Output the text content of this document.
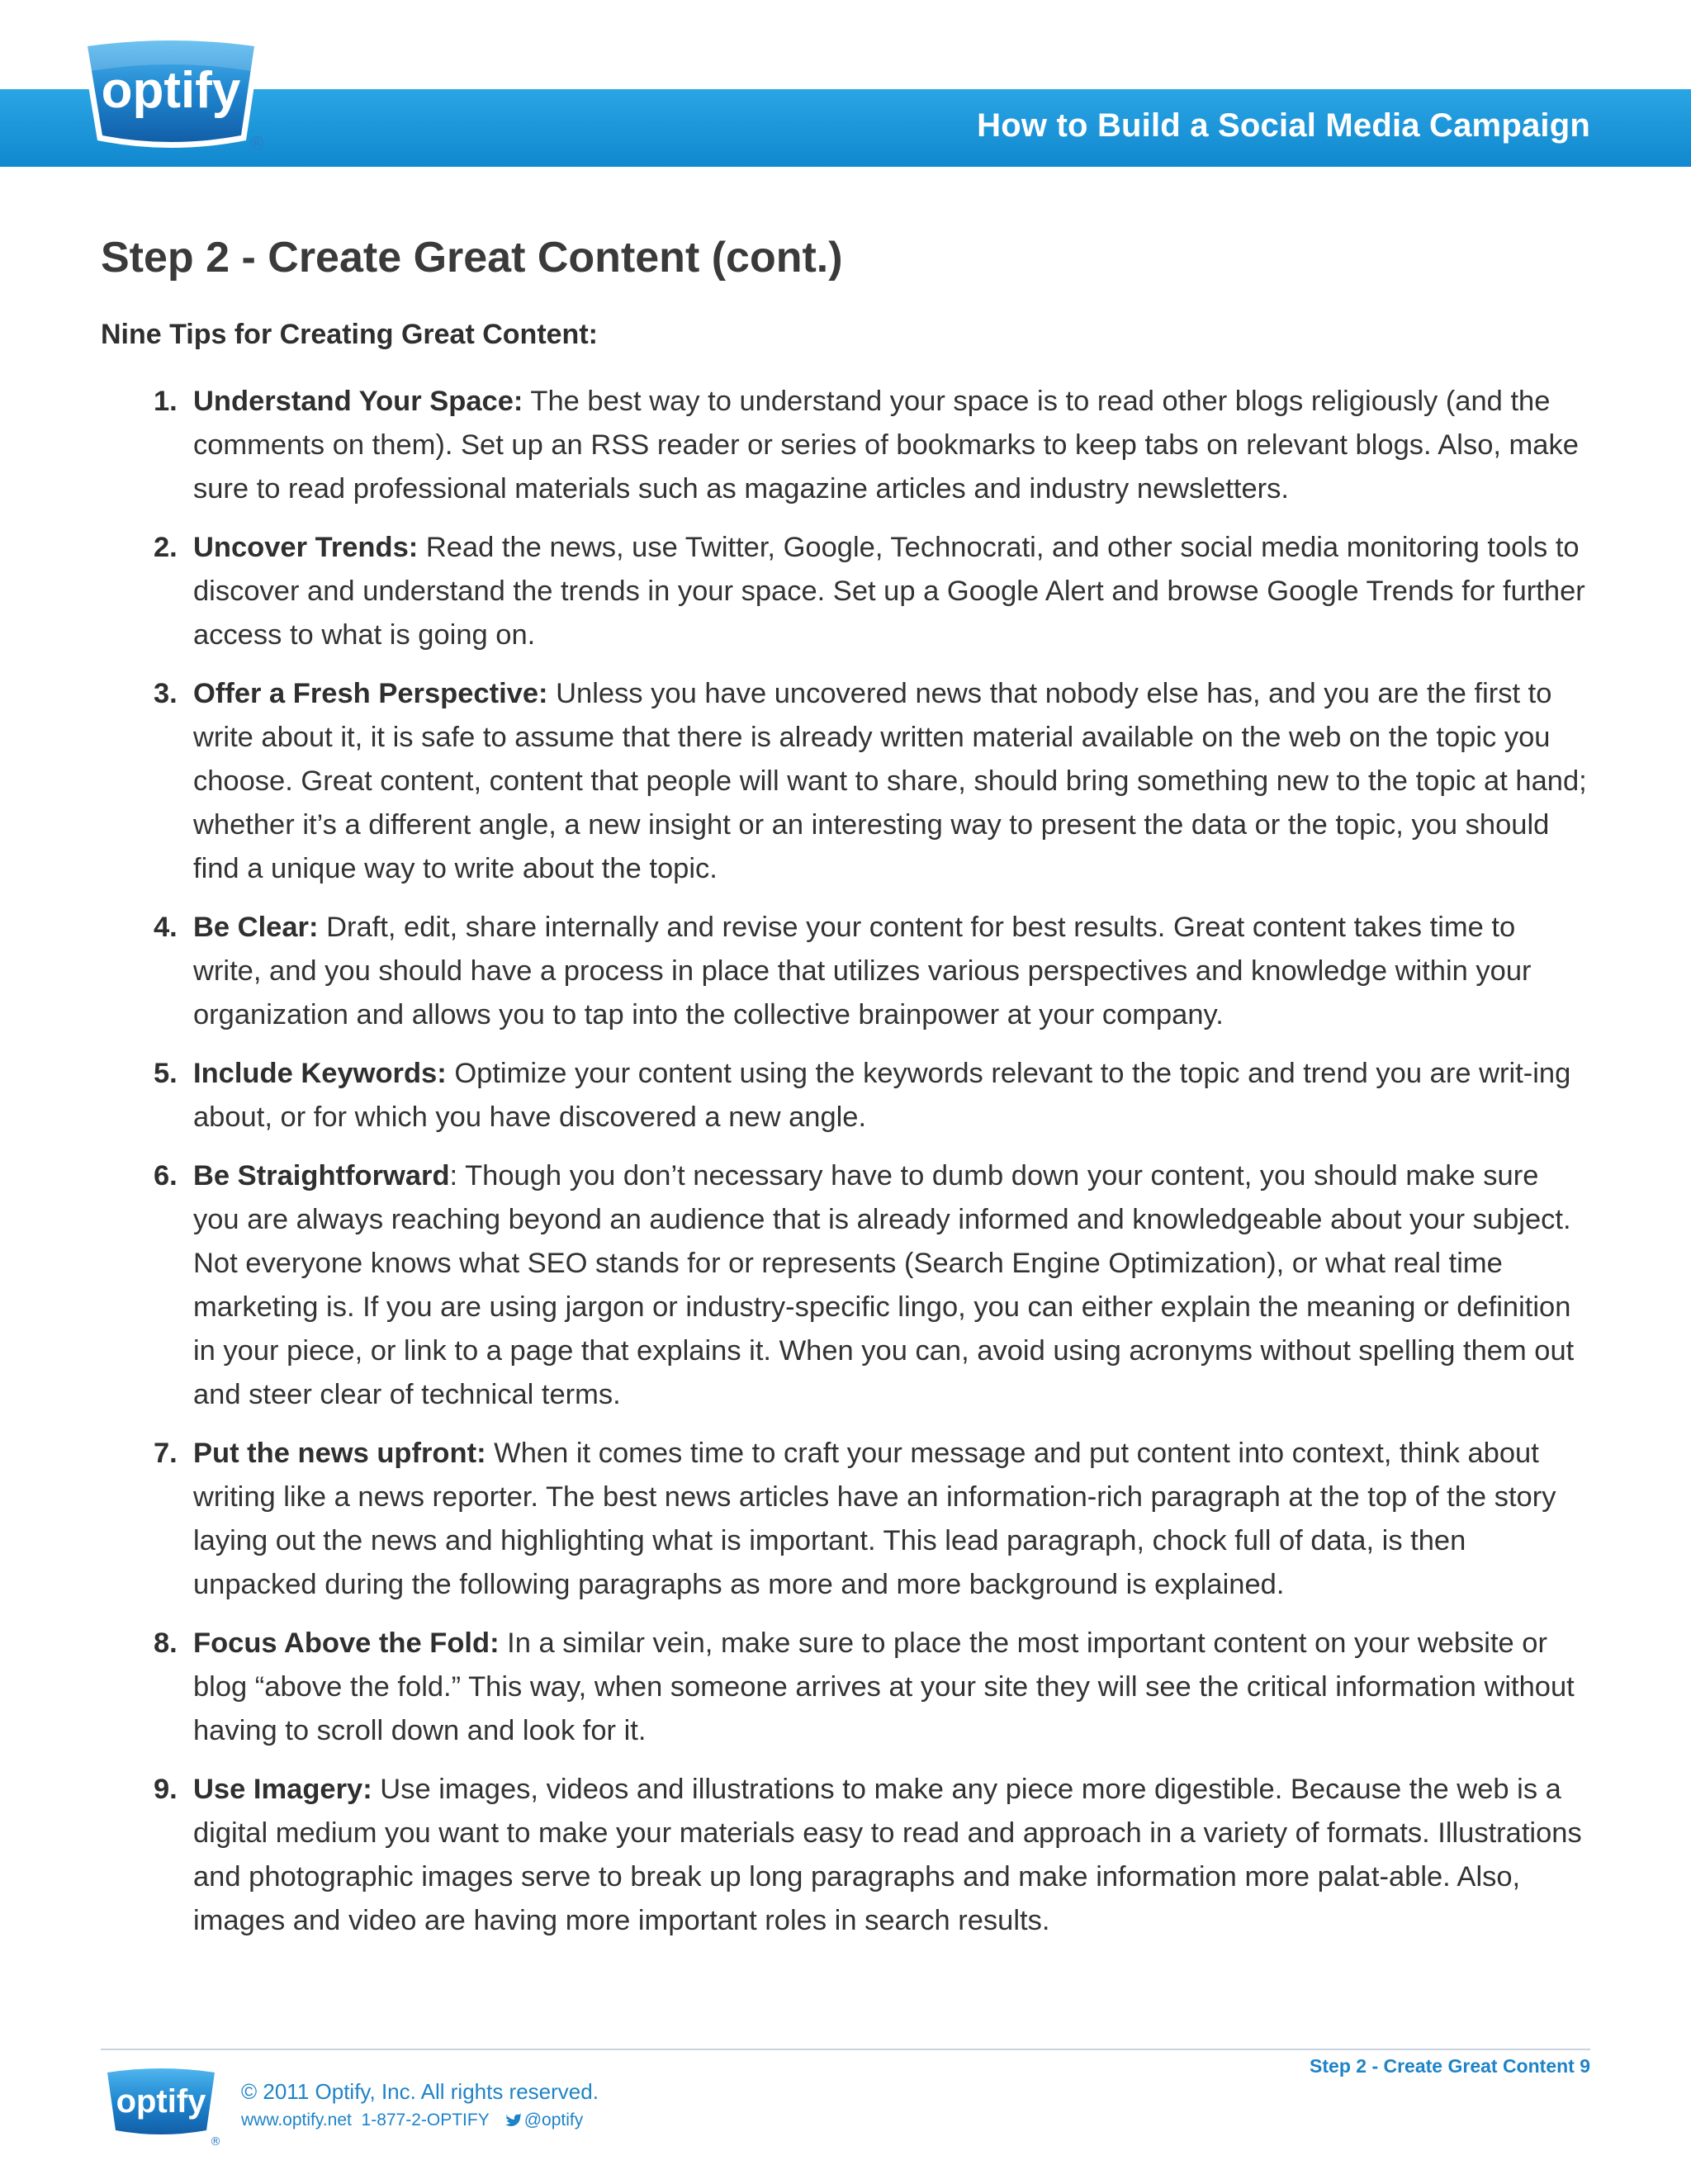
optify
®
How to Build a Social Media Campaign
Step 2 - Create Great Content (cont.)
Nine Tips for Creating Great Content:
1. Understand Your Space: The best way to understand your space is to read other blogs religiously (and the comments on them). Set up an RSS reader or series of bookmarks to keep tabs on relevant blogs. Also, make sure to read professional materials such as magazine articles and industry newsletters.
2. Uncover Trends: Read the news, use Twitter, Google, Technocrati, and other social media monitoring tools to discover and understand the trends in your space. Set up a Google Alert and browse Google Trends for further access to what is going on.
3. Offer a Fresh Perspective: Unless you have uncovered news that nobody else has, and you are the first to write about it, it is safe to assume that there is already written material available on the web on the topic you choose. Great content, content that people will want to share, should bring something new to the topic at hand; whether it’s a different angle, a new insight or an interesting way to present the data or the topic, you should find a unique way to write about the topic.
4. Be Clear: Draft, edit, share internally and revise your content for best results. Great content takes time to write, and you should have a process in place that utilizes various perspectives and knowledge within your organization and allows you to tap into the collective brainpower at your company.
5. Include Keywords: Optimize your content using the keywords relevant to the topic and trend you are writ-ing about, or for which you have discovered a new angle.
6. Be Straightforward: Though you don’t necessary have to dumb down your content, you should make sure you are always reaching beyond an audience that is already informed and knowledgeable about your subject. Not everyone knows what SEO stands for or represents (Search Engine Optimization), or what real time marketing is. If you are using jargon or industry-specific lingo, you can either explain the meaning or definition in your piece, or link to a page that explains it. When you can, avoid using acronyms without spelling them out and steer clear of technical terms.
7. Put the news upfront: When it comes time to craft your message and put content into context, think about writing like a news reporter. The best news articles have an information-rich paragraph at the top of the story laying out the news and highlighting what is important. This lead paragraph, chock full of data, is then unpacked during the following paragraphs as more and more background is explained.
8. Focus Above the Fold: In a similar vein, make sure to place the most important content on your website or blog “above the fold.” This way, when someone arrives at your site they will see the critical information without having to scroll down and look for it.
9. Use Imagery: Use images, videos and illustrations to make any piece more digestible. Because the web is a digital medium you want to make your materials easy to read and approach in a variety of formats. Illustrations and photographic images serve to break up long paragraphs and make information more palat-able. Also, images and video are having more important roles in search results.
Step 2 - Create Great Content 9
optify
®
© 2011 Optify, Inc. All rights reserved.
www.optify.net 1-877-2-OPTIFY @optify
